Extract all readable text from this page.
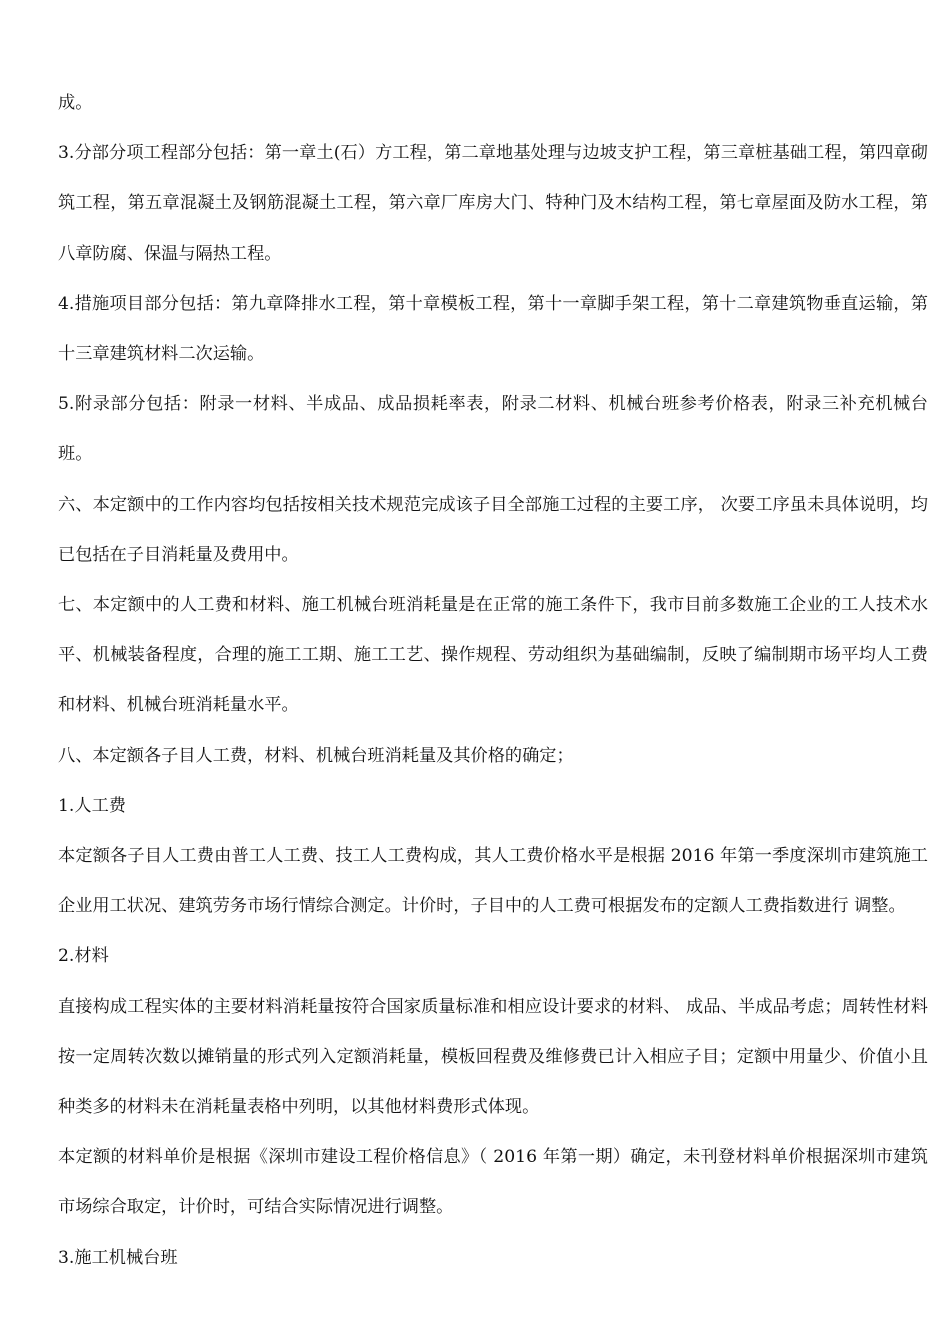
成。

3.分部分项工程部分包括：第一章土(石）方工程，第二章地基处理与边坡支护工程，第三章桩基础工程，第四章砌筑工程，第五章混凝土及钢筋混凝土工程，第六章厂库房大门、特种门及木结构工程，第七章屋面及防水工程，第八章防腐、保温与隔热工程。

4.措施项目部分包括：第九章降排水工程，第十章模板工程，第十一章脚手架工程，第十二章建筑物垂直运输，第十三章建筑材料二次运输。

5.附录部分包括：附录一材料、半成品、成品损耗率表，附录二材料、机械台班参考价格表，附录三补充机械台班。

六、本定额中的工作内容均包括按相关技术规范完成该子目全部施工过程的主要工序， 次要工序虽未具体说明，均已包括在子目消耗量及费用中。

七、本定额中的人工费和材料、施工机械台班消耗量是在正常的施工条件下，我市目前多数施工企业的工人技术水平、机械装备程度，合理的施工工期、施工工艺、操作规程、劳动组织为基础编制，反映了编制期市场平均人工费和材料、机械台班消耗量水平。

八、本定额各子目人工费，材料、机械台班消耗量及其价格的确定；

1.人工费

本定额各子目人工费由普工人工费、技工人工费构成，其人工费价格水平是根据 2016 年第一季度深圳市建筑施工企业用工状况、建筑劳务市场行情综合测定。计价时，子目中的人工费可根据发布的定额人工费指数进行 调整。

2.材料

直接构成工程实体的主要材料消耗量按符合国家质量标准和相应设计要求的材料、 成品、半成品考虑；周转性材料按一定周转次数以摊销量的形式列入定额消耗量，模板回程费及维修费已计入相应子目；定额中用量少、价值小且种类多的材料未在消耗量表格中列明，以其他材料费形式体现。

本定额的材料单价是根据《深圳市建设工程价格信息》（ 2016 年第一期）确定，未刊登材料单价根据深圳市建筑市场综合取定，计价时，可结合实际情况进行调整。

3.施工机械台班
